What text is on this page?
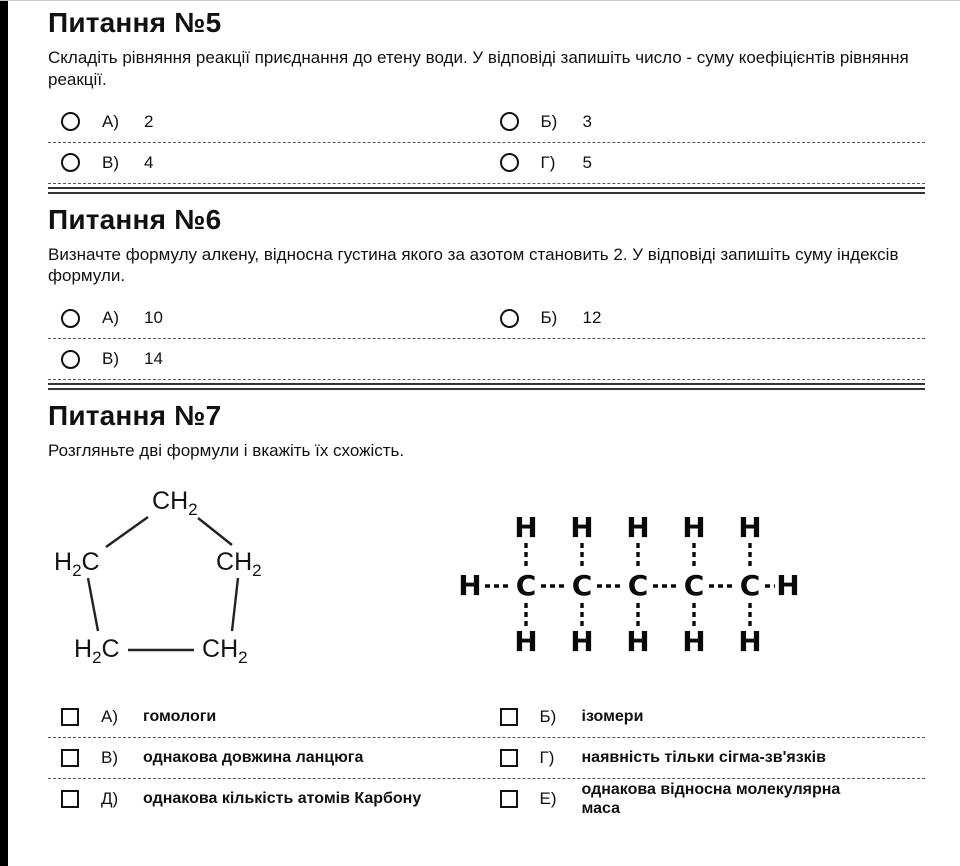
Питання №5

Складіть рівняння реакції приєднання до етену води. У відповіді запишіть число - суму коефіцієнтів рівняння реакції.

А)	2	Б)	3
В)	4	Г)	5
Питання №6

Визначте формулу алкену, відносна густина якого за азотом становить 2. У відповіді запишіть суму індексів формули.

А)	10	Б)	12
В)	14
Питання №7

Розгляньте дві формули і вкажіть їх схожість.

$CH_2$
$H_2C$	$CH_2$
$H_2C$	$CH_2$
H C C C C C H
H H H H H
H H H H H
А)	гомологи	Б)	ізомери
В)	однакова довжина ланцюга	Г)	наявність тільки сігма-зв'язків
Д)	однакова кількість атомів Карбону	Е)	однакова відносна молекулярна маса
